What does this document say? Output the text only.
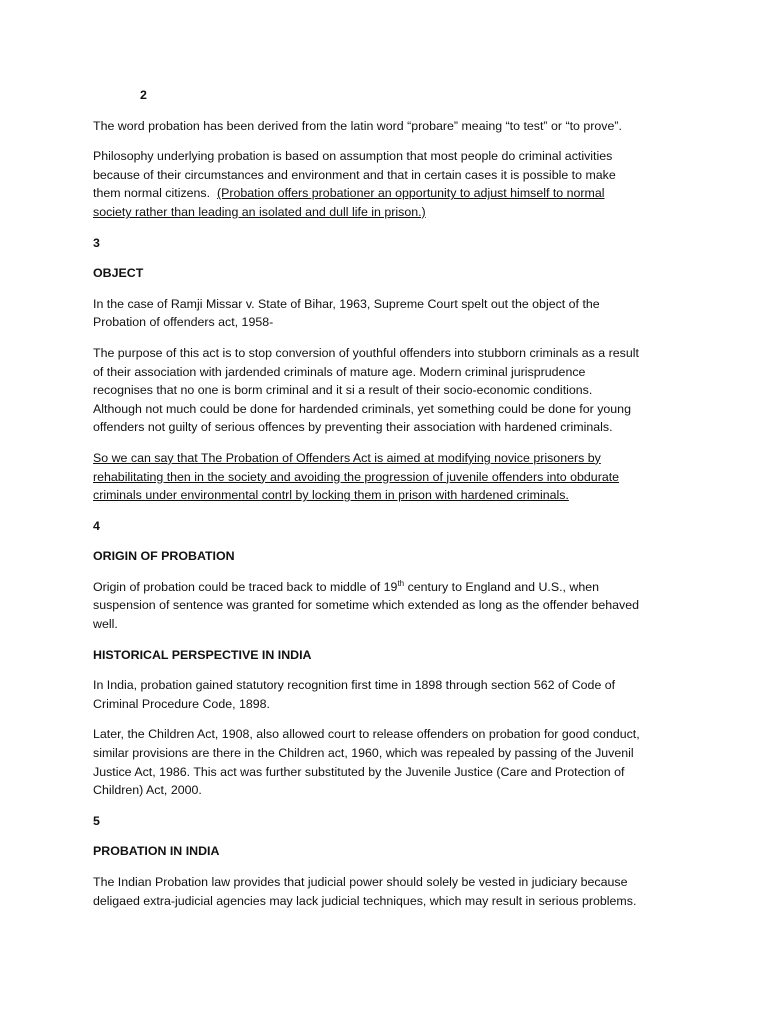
2

The word probation has been derived from the latin word “probare” meaing “to test” or “to prove”.

Philosophy underlying probation is based on assumption that most people do criminal activities
because of their circumstances and environment and that in certain cases it is possible to make
them normal citizens. (Probation offers probationer an opportunity to adjust himself to normal
society rather than leading an isolated and dull life in prison.)

3

OBJECT

In the case of Ramji Missar v. State of Bihar, 1963, Supreme Court spelt out the object of the
Probation of offenders act, 1958-

The purpose of this act is to stop conversion of youthful offenders into stubborn criminals as a result
of their association with jardended criminals of mature age. Modern criminal jurisprudence
recognises that no one is borm criminal and it si a result of their socio-economic conditions.
Although not much could be done for hardended criminals, yet something could be done for young
offenders not guilty of serious offences by preventing their association with hardened criminals.

So we can say that The Probation of Offenders Act is aimed at modifying novice prisoners by
rehabilitating then in the society and avoiding the progression of juvenile offenders into obdurate
criminals under environmental contrl by locking them in prison with hardened criminals.

4

ORIGIN OF PROBATION

Origin of probation could be traced back to middle of 19th century to England and U.S., when
suspension of sentence was granted for sometime which extended as long as the offender behaved
well.

HISTORICAL PERSPECTIVE IN INDIA

In India, probation gained statutory recognition first time in 1898 through section 562 of Code of
Criminal Procedure Code, 1898.

Later, the Children Act, 1908, also allowed court to release offenders on probation for good conduct,
similar provisions are there in the Children act, 1960, which was repealed by passing of the Juvenil
Justice Act, 1986. This act was further substituted by the Juvenile Justice (Care and Protection of
Children) Act, 2000.

5

PROBATION IN INDIA

The Indian Probation law provides that judicial power should solely be vested in judiciary because
deligaed extra-judicial agencies may lack judicial techniques, which may result in serious problems.
